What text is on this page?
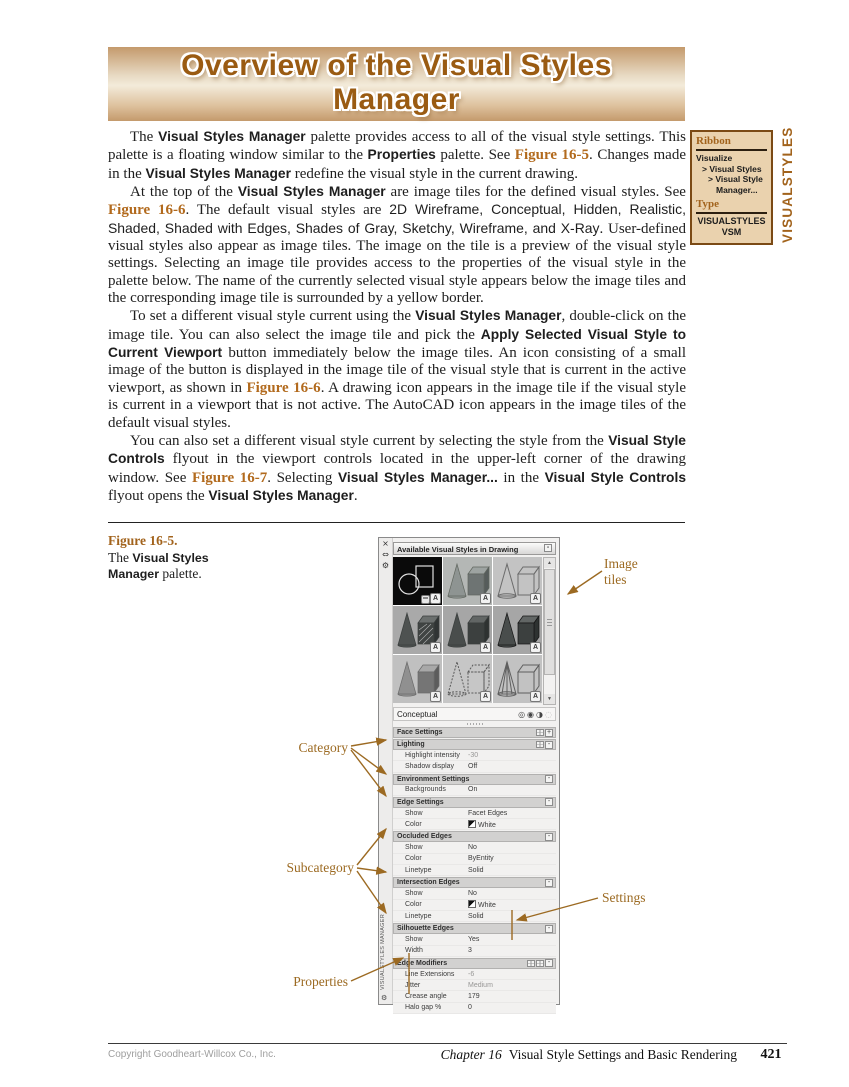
Overview of the Visual Styles
Manager

The Visual Styles Manager palette provides access to all of the visual style settings. This palette is a floating window similar to the Properties palette. See Figure 16-5. Changes made in the Visual Styles Manager redefine the visual style in the current drawing.

At the top of the Visual Styles Manager are image tiles for the defined visual styles. See Figure 16-6. The default visual styles are 2D Wireframe, Conceptual, Hidden, Realistic, Shaded, Shaded with Edges, Shades of Gray, Sketchy, Wireframe, and X-Ray. User-defined visual styles also appear as image tiles. The image on the tile is a preview of the visual style settings. Selecting an image tile provides access to the properties of the visual style in the palette below. The name of the currently selected visual style appears below the image tiles and the corresponding image tile is surrounded by a yellow border.

To set a different visual style current using the Visual Styles Manager, double-click on the image tile. You can also select the image tile and pick the Apply Selected Visual Style to Current Viewport button immediately below the image tiles. An icon consisting of a small image of the button is displayed in the image tile of the visual style that is current in the active viewport, as shown in Figure 16-6. A drawing icon appears in the image tile if the visual style is current in a viewport that is not active. The AutoCAD icon appears in the image tiles of the default visual styles.

You can also set a different visual style current by selecting the style from the Visual Style Controls flyout in the viewport controls located in the upper-left corner of the drawing window. See Figure 16-7. Selecting Visual Styles Manager... in the Visual Style Controls flyout opens the Visual Styles Manager.

Ribbon
Visualize
> Visual Styles
> Visual Style
Manager...
Type
VISUALSTYLES
VSM	VISUALSTYLES
Figure 16-5.
The Visual Styles
Manager palette.
×
⇔
⚙
VISUALSTYLES MANAGER
⚙
Available Visual Styles in Drawing	-
A	A	A
A	A	A
A	A	A
▲
▼
Conceptual	◎ ◉ ◑ ◌
Face Settings	+
Lighting	-
Highlight intensity	-30
Shadow display	Off
Environment Settings	-
Backgrounds	On
Edge Settings	-
Show	Facet Edges
Color	White
Occluded Edges	-
Show	No
Color	ByEntity
Linetype	Solid
Intersection Edges	-
Show	No
Color	White
Linetype	Solid
Silhouette Edges	-
Show	Yes
Width	3
Edge Modifiers	-
Line Extensions	-6
Jitter	Medium
Crease angle	179
Halo gap %	0
Image tiles
Category
Subcategory
Settings
Properties
Copyright Goodheart-Willcox Co., Inc.	Chapter 16 Visual Style Settings and Basic Rendering	421
